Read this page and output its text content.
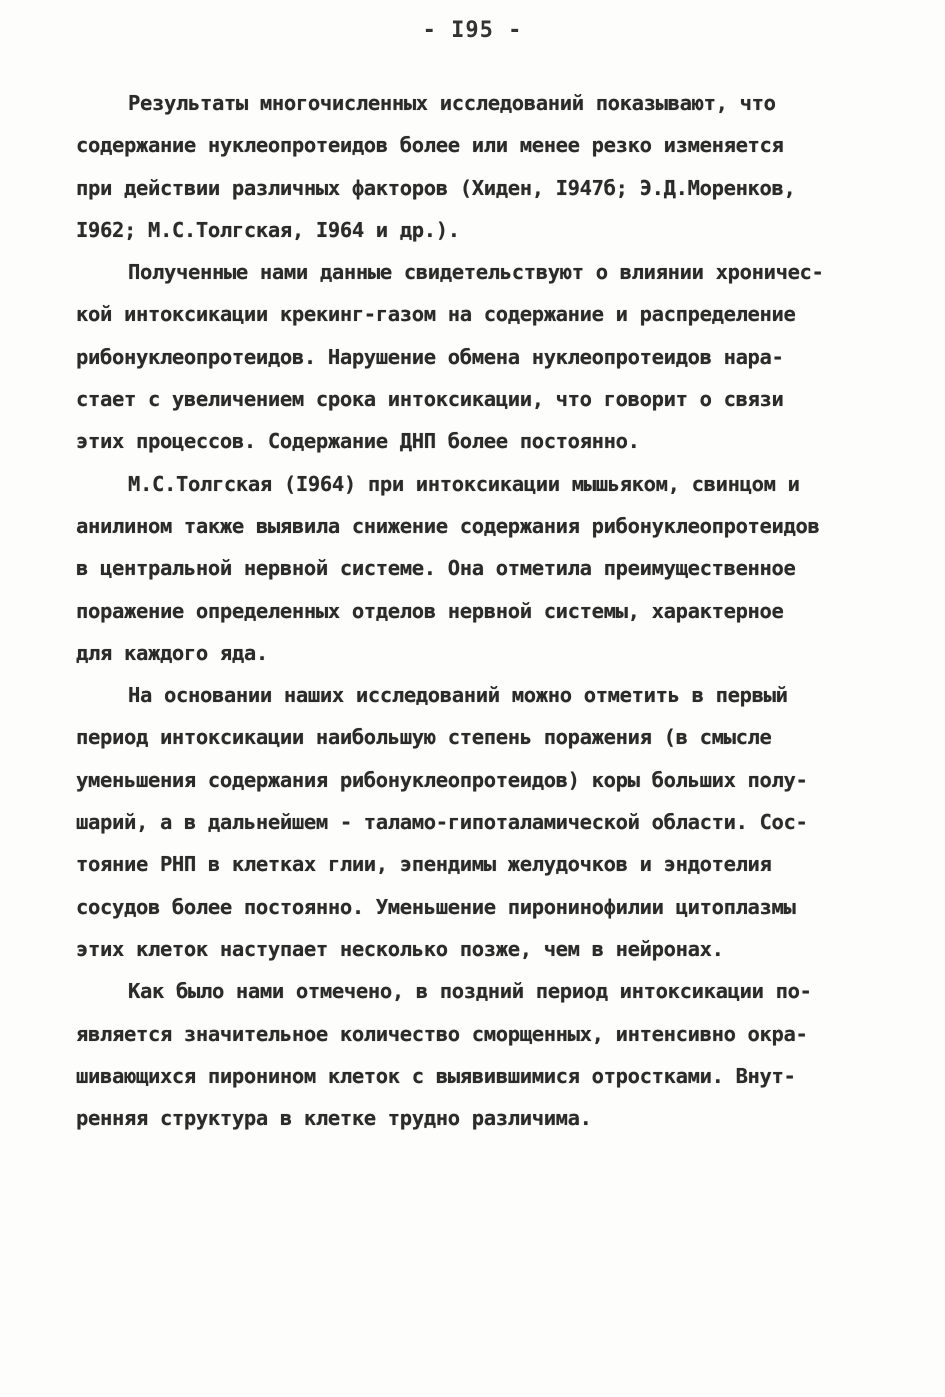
- I95 -
Результаты многочисленных исследований показывают, что
содержание нуклеопротеидов более или менее резко изменяется
при действии различных факторов (Хиден, I947б; Э.Д.Моренков,
I962; М.С.Толгская, I964 и др.).
Полученные нами данные свидетельствуют о влиянии хроничес-
кой интоксикации крекинг-газом на содержание и распределение
рибонуклеопротеидов. Нарушение обмена нуклеопротеидов нара-
стает с увеличением срока интоксикации, что говорит о связи
этих процессов. Содержание ДНП более постоянно.
М.С.Толгская (I964) при интоксикации мышьяком, свинцом и
анилином также выявила снижение содержания рибонуклеопротеидов
в центральной нервной системе. Она отметила преимущественное
поражение определенных отделов нервной системы, характерное
для каждого яда.
На основании наших исследований можно отметить в первый
период интоксикации наибольшую степень поражения (в смысле
уменьшения содержания рибонуклеопротеидов) коры больших полу-
шарий, а в дальнейшем - таламо-гипоталамической области. Сос-
тояние РНП в клетках глии, эпендимы желудочков и эндотелия
сосудов более постоянно. Уменьшение пиронинофилии цитоплазмы
этих клеток наступает несколько позже, чем в нейронах.
Как было нами отмечено, в поздний период интоксикации по-
является значительное количество сморщенных, интенсивно окра-
шивающихся пиронином клеток с выявившимися отростками. Внут-
ренняя структура в клетке трудно различима.
